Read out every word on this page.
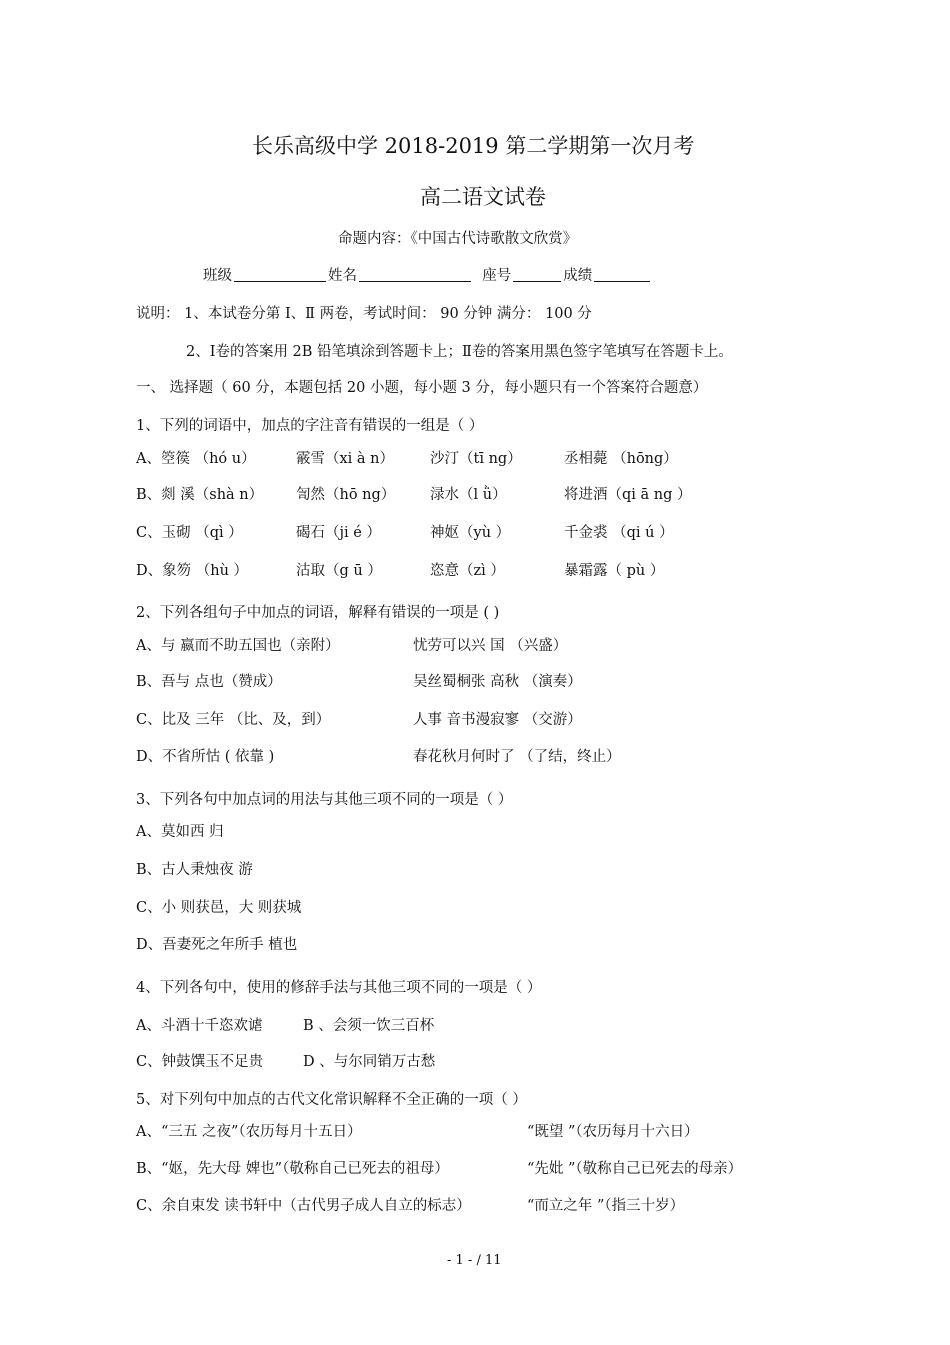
长乐高级中学 2018-2019 第二学期第一次月考
高二语文试卷
命题内容：《中国古代诗歌散文欣赏》
班级	姓名	座号	成绩
说明： 1、本试卷分第 Ⅰ、Ⅱ 两卷，考试时间： 90 分钟 满分： 100 分
2、Ⅰ卷的答案用 2B 铅笔填涂到答题卡上；Ⅱ卷的答案用黑色签字笔填写在答题卡上。
一、 选择题（ 60 分，本题包括 20 小题，每小题 3 分，每小题只有一个答案符合题意）
1、下列的词语中，加点的字注音有错误的一组是（ ）
A、箜篌 （hó u）	霰雪（xi à n） 沙汀（tī ng）	丞相薨 （hōng）
B、剡 溪（shà n） 訇然（hō ng） 渌水（l ǜ）	将进酒（qi ā ng ）
C、玉砌 （qì ）	碣石（ji é ）	神妪（yù ）	千金裘 （qi ú ）
D、象笏 （hù ）	沽取（g ū ）	恣意（zì ）	暴霜露（ pù ）
2、下列各组句子中加点的词语，解释有错误的一项是 ( )
A、与 嬴而不助五国也（亲附）	忧劳可以兴 国 （兴盛）
B、吾与 点也（赞成）	吴丝蜀桐张 高秋 （演奏）
C、比及 三年 （比、及，到）	人事 音书漫寂寥 （交游）
D、不省所怙 ( 依靠 )	春花秋月何时了 （了结，终止）
3、下列各句中加点词的用法与其他三项不同的一项是（ ）
A、莫如西 归
B、古人秉烛夜 游
C、小 则获邑，大 则获城
D、吾妻死之年所手 植也
4、下列各句中，使用的修辞手法与其他三项不同的一项是（ ）
A、斗酒十千恣欢谑	B 、会须一饮三百杯
C、钟鼓馔玉不足贵	D 、与尔同销万古愁
5、对下列句中加点的古代文化常识解释不全正确的一项（ ）
A、“三五 之夜”（农历每月十五日）	“既望 ”（农历每月十六日）
B、“妪，先大母 婢也”（敬称自己已死去的祖母）	“先妣 ”（敬称自己已死去的母亲）
C、余自束发 读书轩中（古代男子成人自立的标志）	“而立之年 ”（指三十岁）
- 1 - / 11
